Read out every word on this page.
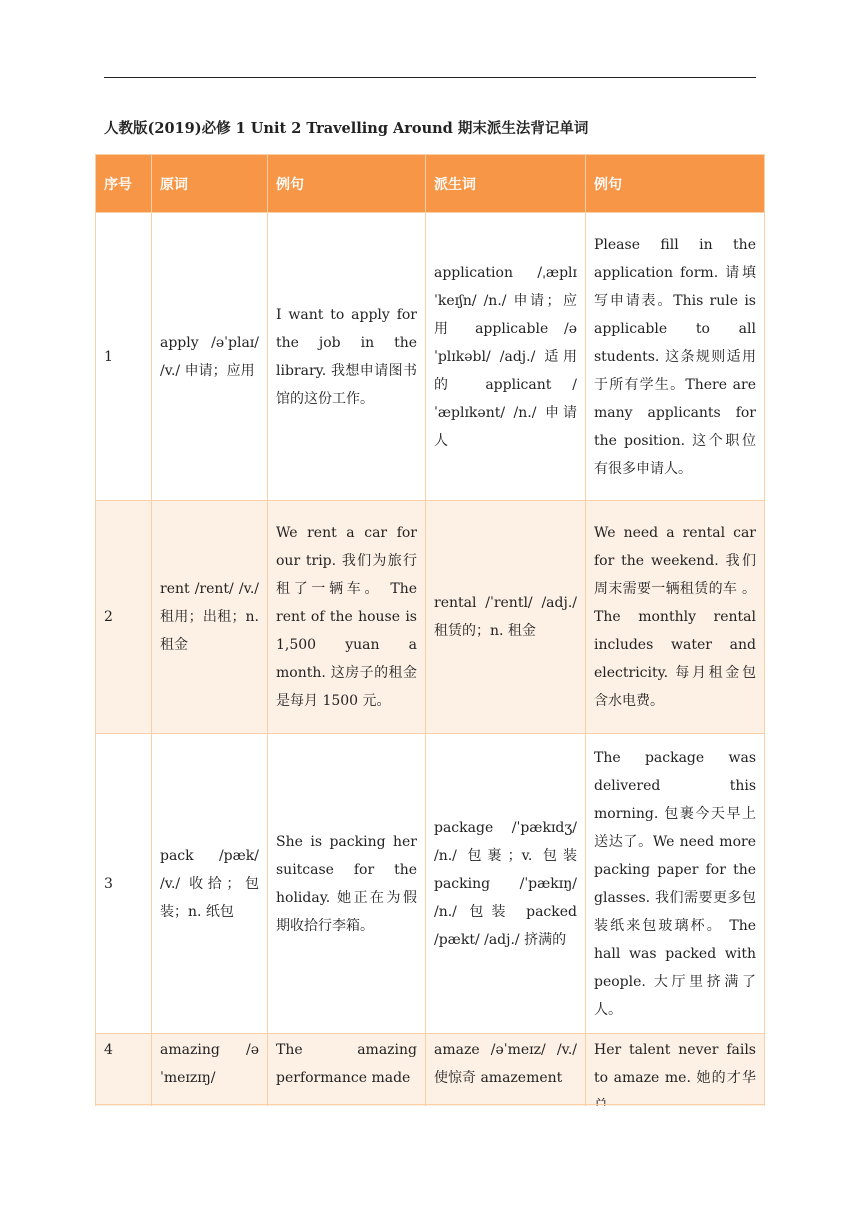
人教版(2019)必修 1 Unit 2 Travelling Around 期末派生法背记单词
序号	原词	例句	派生词	例句
1	apply /əˈplaɪ/ /v./ 申请；应用	I want to apply for the job in the library. 我想申请图书馆的这份工作。	application /ˌæplɪˈkeɪʃn/ /n./ 申请；应用 applicable /əˈplɪkəbl/ /adj./ 适用的 applicant /ˈæplɪkənt/ /n./ 申请人	Please fill in the application form. 请填写申请表。This rule is applicable to all students. 这条规则适用于所有学生。There are many applicants for the position. 这个职位有很多申请人。
2	rent /rent/ /v./ 租用；出租；n. 租金	We rent a car for our trip. 我们为旅行租了一辆车。 The rent of the house is 1,500 yuan a month. 这房子的租金是每月 1500 元。	rental /ˈrentl/ /adj./ 租赁的；n. 租金	We need a rental car for the weekend. 我们周末需要一辆租赁的车 。 The monthly rental includes water and electricity. 每月租金包含水电费。
3	pack /pæk/ /v./ 收拾；包装；n. 纸包	She is packing her suitcase for the holiday. 她正在为假期收拾行李箱。	package /ˈpækɪdʒ/ /n./ 包裹；v. 包装 packing /ˈpækɪŋ/ /n./ 包装 packed /pækt/ /adj./ 挤满的	The package was delivered this morning. 包裹今天早上送达了。We need more packing paper for the glasses. 我们需要更多包装纸来包玻璃杯。 The hall was packed with people. 大厅里挤满了人。
4	amazing /əˈmeɪzɪŋ/	The amazing performance made	amaze /əˈmeɪz/ /v./ 使惊奇 amazement	Her talent never fails to amaze me. 她的才华
